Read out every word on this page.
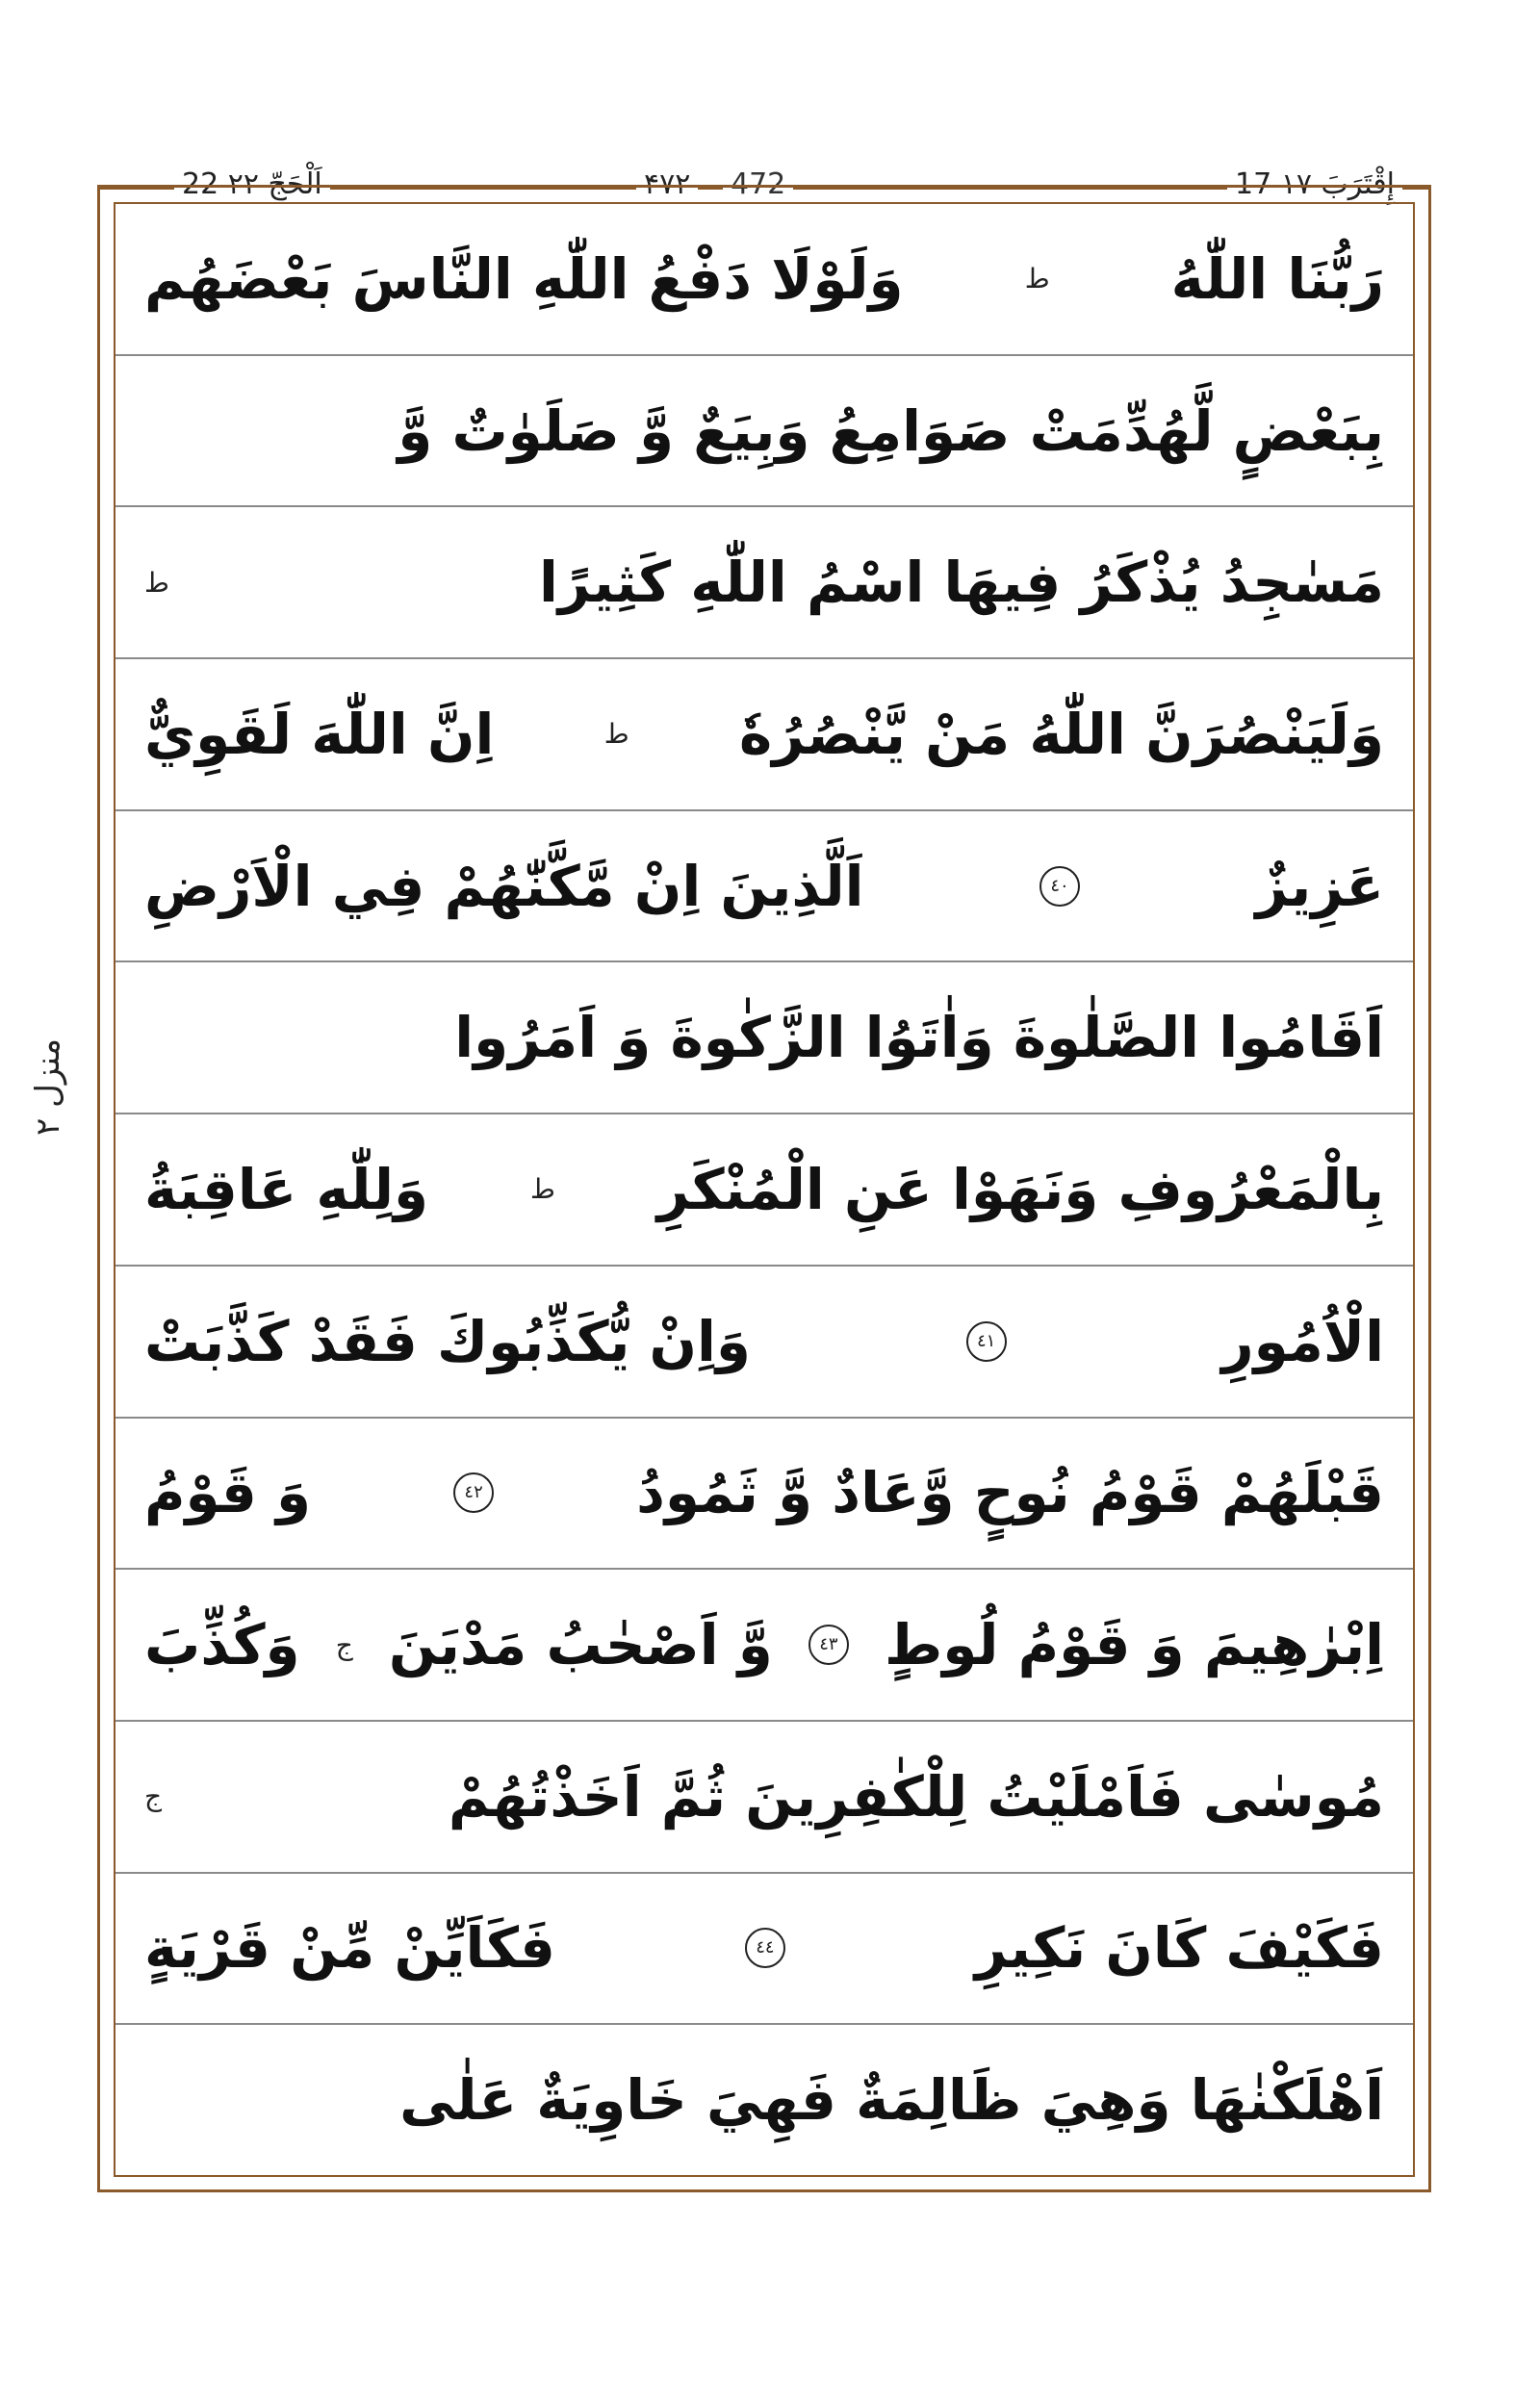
22 اَلْحَجّ ٢٢	۴۷۲ 472	17 إِقْتَرَبَ ١٧
منزل ٢
رَبُّنَا اللّٰهُ
ط
وَلَوْلَا دَفْعُ اللّٰهِ النَّاسَ بَعْضَهُم
بِبَعْضٍ لَّهُدِّمَتْ صَوَامِعُ وَبِيَعٌ وَّ صَلَوٰتٌ وَّ
مَسٰجِدُ يُذْكَرُ فِيهَا اسْمُ اللّٰهِ كَثِيرًا
ط
وَلَيَنْصُرَنَّ اللّٰهُ مَنْ يَّنْصُرُهٗ
ط
اِنَّ اللّٰهَ لَقَوِيٌّ
عَزِيزٌ
٤٠
اَلَّذِينَ اِنْ مَّكَّنّٰهُمْ فِي الْاَرْضِ
اَقَامُوا الصَّلٰوةَ وَاٰتَوُا الزَّكٰوةَ وَ اَمَرُوا
بِالْمَعْرُوفِ وَنَهَوْا عَنِ الْمُنْكَرِ
ط
وَلِلّٰهِ عَاقِبَةُ
الْاُمُورِ
٤١
وَاِنْ يُّكَذِّبُوكَ فَقَدْ كَذَّبَتْ
قَبْلَهُمْ قَوْمُ نُوحٍ وَّعَادٌ وَّ ثَمُودُ
٤٢
وَ قَوْمُ
اِبْرٰهِيمَ وَ قَوْمُ لُوطٍ
٤٣
وَّ اَصْحٰبُ مَدْيَنَ
ج
وَكُذِّبَ
مُوسٰى فَاَمْلَيْتُ لِلْكٰفِرِينَ ثُمَّ اَخَذْتُهُمْ
ج
فَكَيْفَ كَانَ نَكِيرِ
٤٤
فَكَاَيِّنْ مِّنْ قَرْيَةٍ
اَهْلَكْنٰهَا وَهِيَ ظَالِمَةٌ فَهِيَ خَاوِيَةٌ عَلٰى
